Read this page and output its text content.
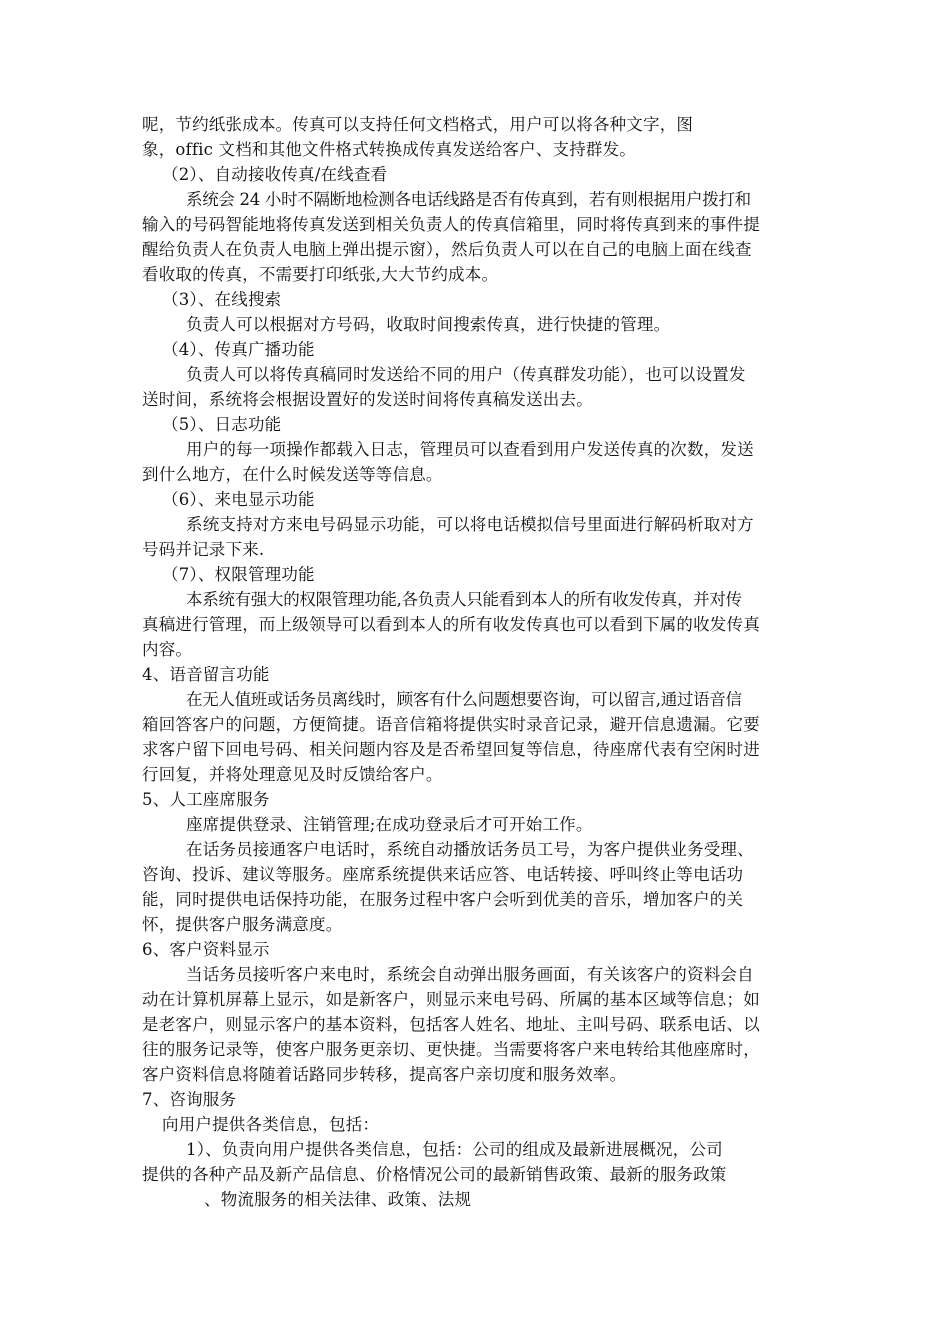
呢，节约纸张成本。传真可以支持任何文档格式，用户可以将各种文字，图
象，offic 文档和其他文件格式转换成传真发送给客户、支持群发。
（2）、自动接收传真/在线查看
系统会 24 小时不隔断地检测各电话线路是否有传真到，若有则根据用户拨打和
输入的号码智能地将传真发送到相关负责人的传真信箱里，同时将传真到来的事件提
醒给负责人在负责人电脑上弹出提示窗），然后负责人可以在自己的电脑上面在线查
看收取的传真，不需要打印纸张,大大节约成本。
（3）、在线搜索
负责人可以根据对方号码，收取时间搜索传真，进行快捷的管理。
（4）、传真广播功能
负责人可以将传真稿同时发送给不同的用户（传真群发功能），也可以设置发
送时间，系统将会根据设置好的发送时间将传真稿发送出去。
（5）、日志功能
用户的每一项操作都载入日志，管理员可以查看到用户发送传真的次数，发送
到什么地方，在什么时候发送等等信息。
（6）、来电显示功能
系统支持对方来电号码显示功能，可以将电话模拟信号里面进行解码析取对方
号码并记录下来.
（7）、权限管理功能
本系统有强大的权限管理功能,各负责人只能看到本人的所有收发传真，并对传
真稿进行管理，而上级领导可以看到本人的所有收发传真也可以看到下属的收发传真
内容。
4、语音留言功能
在无人值班或话务员离线时，顾客有什么问题想要咨询，可以留言,通过语音信
箱回答客户的问题，方便简捷。语音信箱将提供实时录音记录，避开信息遗漏。它要
求客户留下回电号码、相关问题内容及是否希望回复等信息，待座席代表有空闲时进
行回复，并将处理意见及时反馈给客户。
5、人工座席服务
座席提供登录、注销管理;在成功登录后才可开始工作。
在话务员接通客户电话时，系统自动播放话务员工号，为客户提供业务受理、
咨询、投诉、建议等服务。座席系统提供来话应答、电话转接、呼叫终止等电话功
能，同时提供电话保持功能，在服务过程中客户会听到优美的音乐，增加客户的关
怀，提供客户服务满意度。
6、客户资料显示
当话务员接听客户来电时，系统会自动弹出服务画面，有关该客户的资料会自
动在计算机屏幕上显示，如是新客户，则显示来电号码、所属的基本区域等信息；如
是老客户，则显示客户的基本资料，包括客人姓名、地址、主叫号码、联系电话、以
往的服务记录等，使客户服务更亲切、更快捷。当需要将客户来电转给其他座席时，
客户资料信息将随着话路同步转移，提高客户亲切度和服务效率。
7、咨询服务
向用户提供各类信息，包括：
1）、负责向用户提供各类信息，包括：公司的组成及最新进展概况，公司
提供的各种产品及新产品信息、价格情况公司的最新销售政策、最新的服务政策
、物流服务的相关法律、政策、法规
